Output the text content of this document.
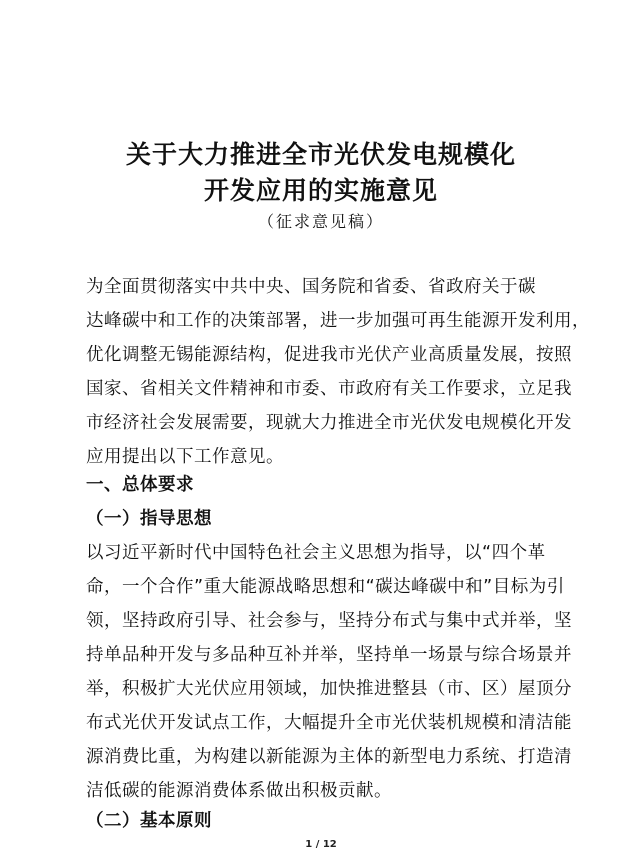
关于大力推进全市光伏发电规模化
开发应用的实施意见
（征求意见稿）
为全面贯彻落实中共中央、国务院和省委、省政府关于碳
达峰碳中和工作的决策部署，进一步加强可再生能源开发利用，
优化调整无锡能源结构，促进我市光伏产业高质量发展，按照
国家、省相关文件精神和市委、市政府有关工作要求，立足我
市经济社会发展需要，现就大力推进全市光伏发电规模化开发
应用提出以下工作意见。
一、总体要求
（一）指导思想
以习近平新时代中国特色社会主义思想为指导，以“四个革
命，一个合作”重大能源战略思想和“碳达峰碳中和”目标为引
领，坚持政府引导、社会参与，坚持分布式与集中式并举，坚
持单品种开发与多品种互补并举，坚持单一场景与综合场景并
举，积极扩大光伏应用领域，加快推进整县（市、区）屋顶分
布式光伏开发试点工作，大幅提升全市光伏装机规模和清洁能
源消费比重，为构建以新能源为主体的新型电力系统、打造清
洁低碳的能源消费体系做出积极贡献。
（二）基本原则
1 / 12
